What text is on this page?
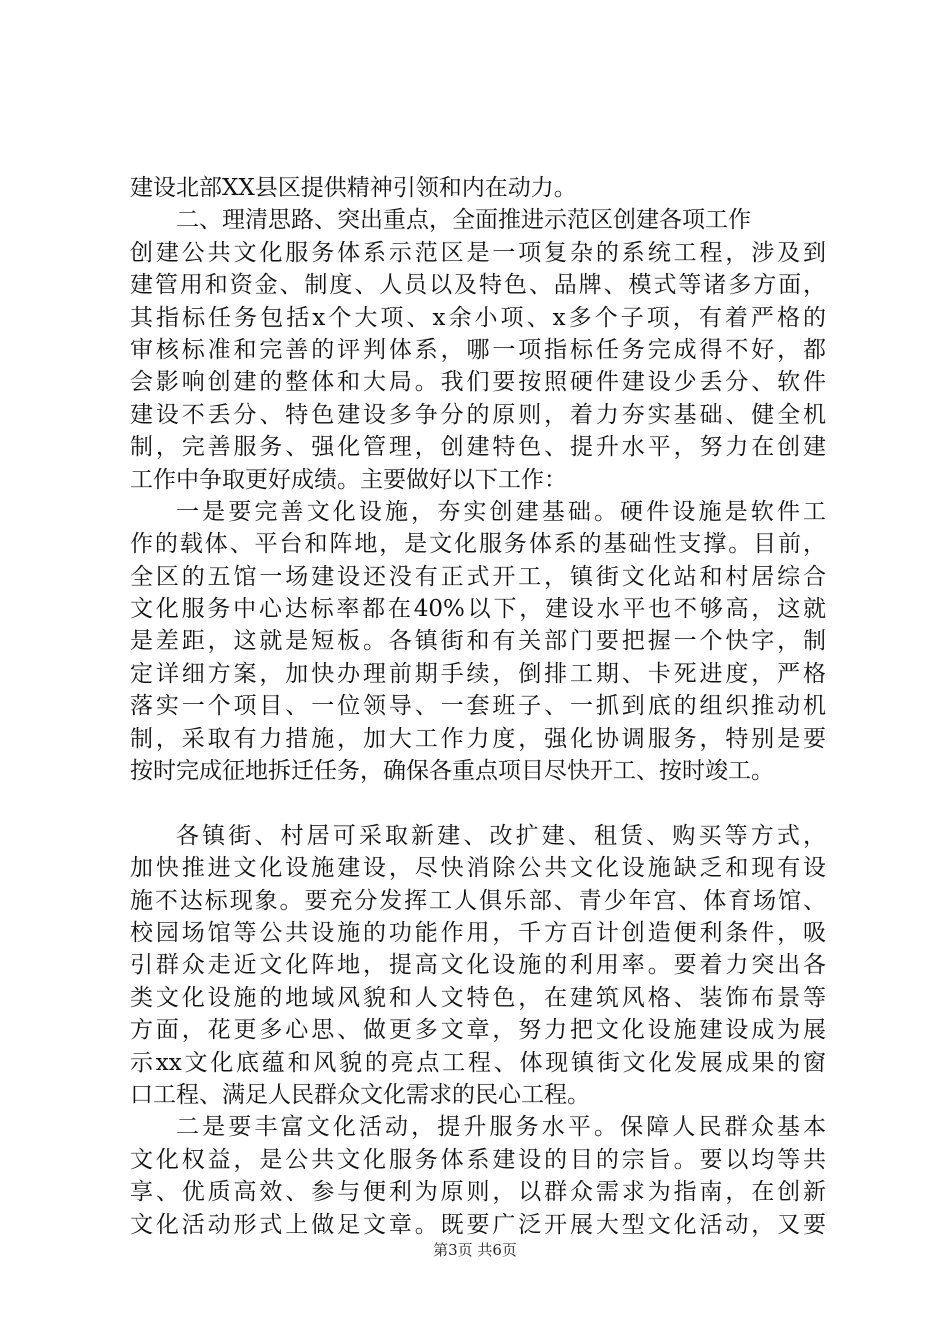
建设北部XX县区提供精神引领和内在动力。
二、理清思路、突出重点，全面推进示范区创建各项工作
创建公共文化服务体系示范区是一项复杂的系统工程，涉及到
建管用和资金、制度、人员以及特色、品牌、模式等诸多方面，
其指标任务包括x个大项、x余小项、x多个子项，有着严格的
审核标准和完善的评判体系，哪一项指标任务完成得不好，都
会影响创建的整体和大局。我们要按照硬件建设少丢分、软件
建设不丢分、特色建设多争分的原则，着力夯实基础、健全机
制，完善服务、强化管理，创建特色、提升水平，努力在创建
工作中争取更好成绩。主要做好以下工作：
一是要完善文化设施，夯实创建基础。硬件设施是软件工
作的载体、平台和阵地，是文化服务体系的基础性支撑。目前，
全区的五馆一场建设还没有正式开工，镇街文化站和村居综合
文化服务中心达标率都在40%以下，建设水平也不够高，这就
是差距，这就是短板。各镇街和有关部门要把握一个快字，制
定详细方案，加快办理前期手续，倒排工期、卡死进度，严格
落实一个项目、一位领导、一套班子、一抓到底的组织推动机
制，采取有力措施，加大工作力度，强化协调服务，特别是要
按时完成征地拆迁任务，确保各重点项目尽快开工、按时竣工。
各镇街、村居可采取新建、改扩建、租赁、购买等方式，
加快推进文化设施建设，尽快消除公共文化设施缺乏和现有设
施不达标现象。要充分发挥工人俱乐部、青少年宫、体育场馆、
校园场馆等公共设施的功能作用，千方百计创造便利条件，吸
引群众走近文化阵地，提高文化设施的利用率。要着力突出各
类文化设施的地域风貌和人文特色，在建筑风格、装饰布景等
方面，花更多心思、做更多文章，努力把文化设施建设成为展
示xx文化底蕴和风貌的亮点工程、体现镇街文化发展成果的窗
口工程、满足人民群众文化需求的民心工程。
二是要丰富文化活动，提升服务水平。保障人民群众基本
文化权益，是公共文化服务体系建设的目的宗旨。要以均等共
享、优质高效、参与便利为原则，以群众需求为指南，在创新
文化活动形式上做足文章。既要广泛开展大型文化活动，又要
第3页 共6页
